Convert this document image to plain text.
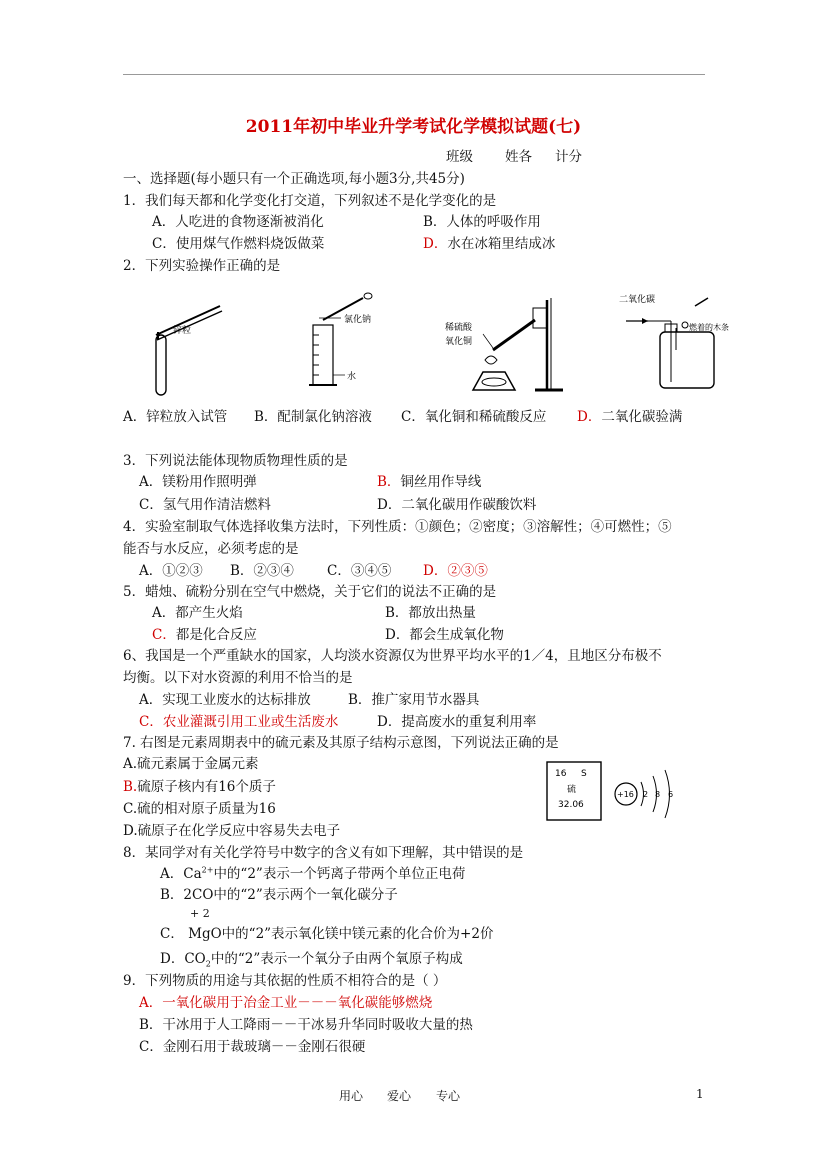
2011年初中毕业升学考试化学模拟试题(七)
班级 姓各 计分
一、选择题(每小题只有一个正确选项,每小题3分,共45分)
1．我们每天都和化学变化打交道，下列叙述不是化学变化的是
A．人吃进的食物逐渐被消化	B．人体的呼吸作用
C．使用煤气作燃料烧饭做菜	D．水在冰箱里结成冰
2．下列实验操作正确的是
锌粒
氯化钠
水
稀硫酸
氧化铜
二氧化碳
燃着的木条
A．锌粒放入试管 B．配制氯化钠溶液 C．氧化铜和稀硫酸反应 D．二氧化碳验满
3．下列说法能体现物质物理性质的是
A．镁粉用作照明弹	B．铜丝用作导线
C．氢气用作清洁燃料	D．二氧化碳用作碳酸饮料
4．实验室制取气体选择收集方法时，下列性质：①颜色；②密度；③溶解性；④可燃性；⑤
能否与水反应，必须考虑的是
A．①②③ B．②③④ C．③④⑤ D．②③⑤
5．蜡烛、硫粉分别在空气中燃烧，关于它们的说法不正确的是
A．都产生火焰	B．都放出热量
C．都是化合反应	D．都会生成氧化物
6、我国是一个严重缺水的国家，人均淡水资源仅为世界平均水平的1／4，且地区分布极不
均衡。以下对水资源的利用不恰当的是
A．实现工业废水的达标排放	B．推广家用节水器具
C．农业灌溉引用工业或生活废水	D．提高废水的重复利用率
7. 右图是元素周期表中的硫元素及其原子结构示意图，下列说法正确的是
A.硫元素属于金属元素
B.硫原子核内有16个质子
C.硫的相对原子质量为16
D.硫原子在化学反应中容易失去电子
16 S
硫
32.06
+16 2 8 6
8．某同学对有关化学符号中数字的含义有如下理解，其中错误的是
A．$Ca^{2+}$中的“2”表示一个钙离子带两个单位正电荷
B．2CO中的“2”表示两个一氧化碳分子
+ 2
C． MgO中的“2”表示氧化镁中镁元素的化合价为+2价
D．$CO_2$中的“2”表示一个氧分子由两个氧原子构成
9．下列物质的用途与其依据的性质不相符合的是（ ）
A．一氧化碳用于冶金工业－－－氧化碳能够燃烧
B．干冰用于人工降雨－－干冰易升华同时吸收大量的热
C．金刚石用于裁玻璃－－金刚石很硬
用心 爱心 专心	1
